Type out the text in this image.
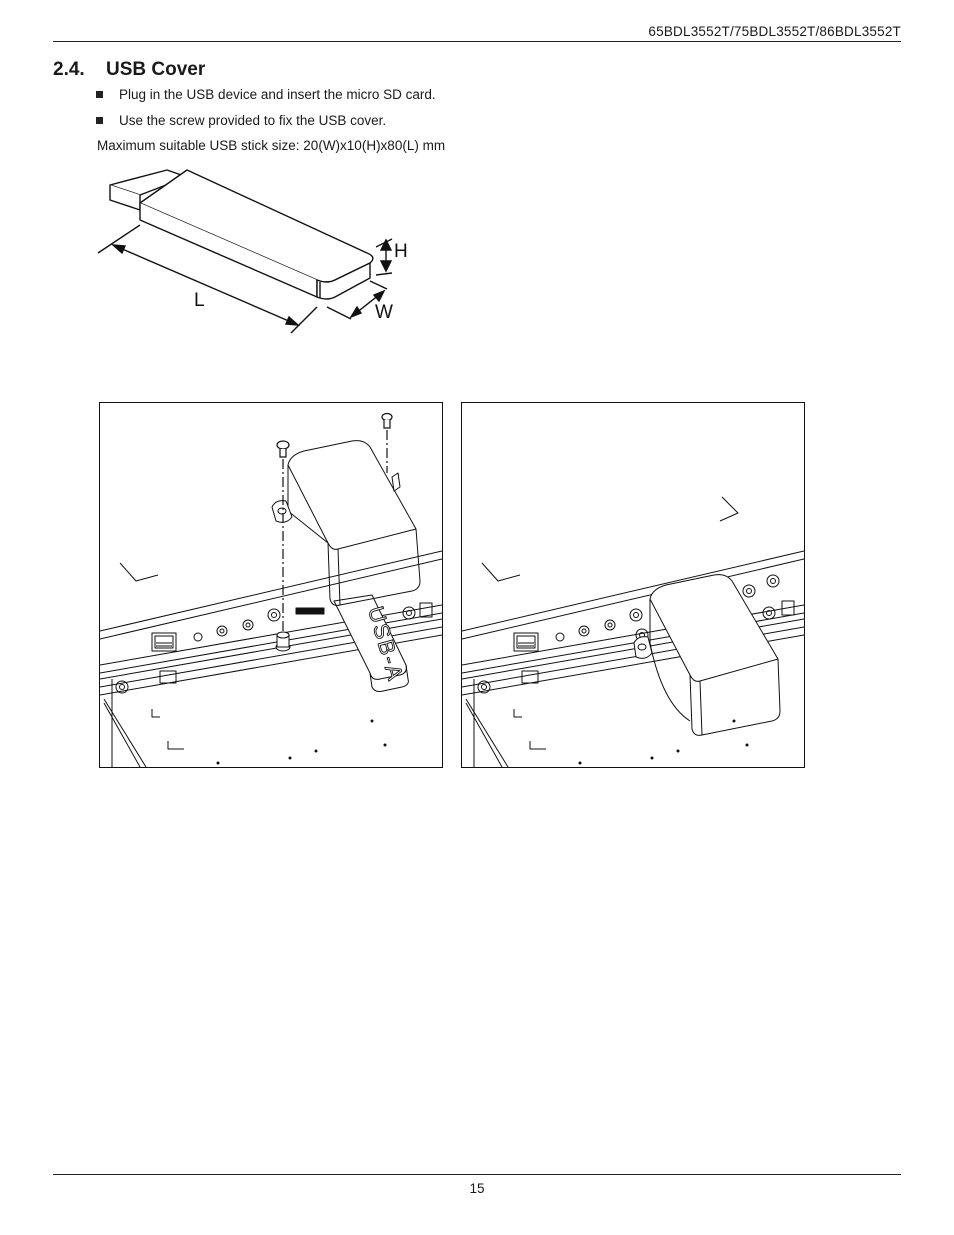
65BDL3552T/75BDL3552T/86BDL3552T
2.4. USB Cover
Plug in the USB device and insert the micro SD card.
Use the screw provided to fix the USB cover.
Maximum suitable USB stick size: 20(W)x10(H)x80(L) mm
H
L
W
USB-A
15
